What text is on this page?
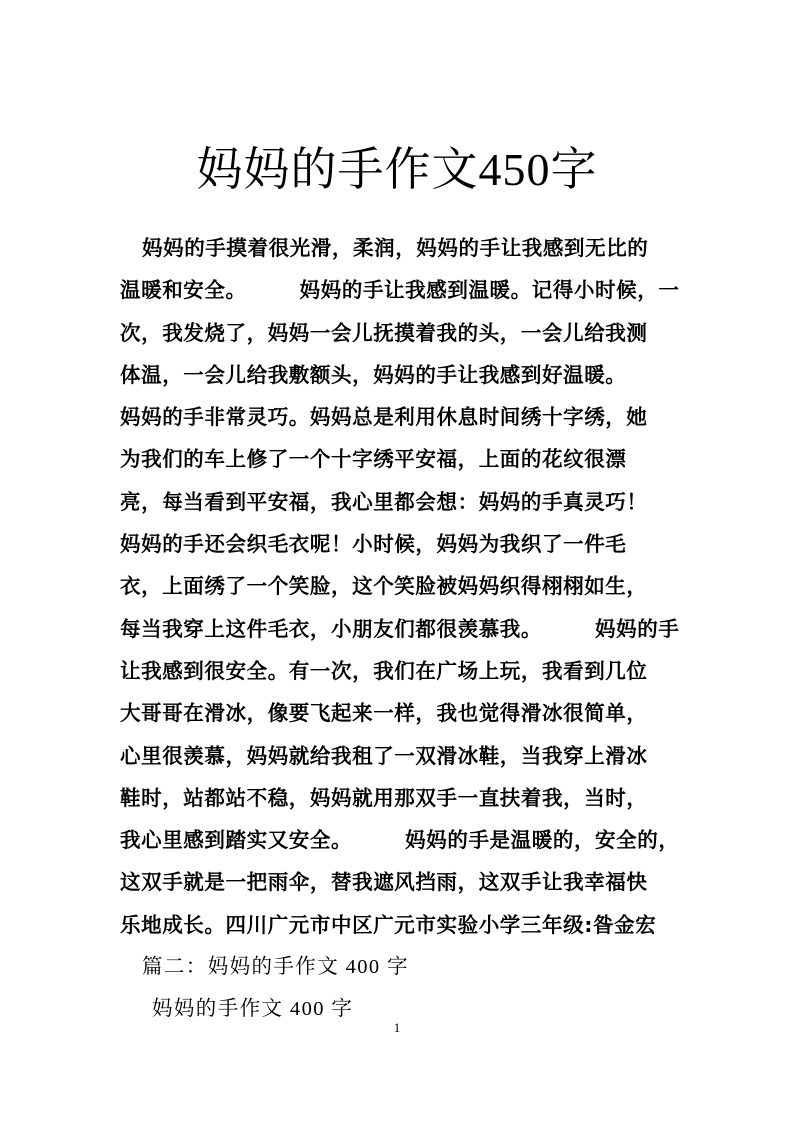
妈妈的手作文450字
妈妈的手摸着很光滑，柔润，妈妈的手让我感到无比的
温暖和安全。　　　妈妈的手让我感到温暖。记得小时候，一
次，我发烧了，妈妈一会儿抚摸着我的头，一会儿给我测
体温，一会儿给我敷额头，妈妈的手让我感到好温暖。
妈妈的手非常灵巧。妈妈总是利用休息时间绣十字绣，她
为我们的车上修了一个十字绣平安福，上面的花纹很漂
亮，每当看到平安福，我心里都会想：妈妈的手真灵巧！
妈妈的手还会织毛衣呢！小时候，妈妈为我织了一件毛
衣，上面绣了一个笑脸，这个笑脸被妈妈织得栩栩如生，
每当我穿上这件毛衣，小朋友们都很羡慕我。　　　妈妈的手
让我感到很安全。有一次，我们在广场上玩，我看到几位
大哥哥在滑冰，像要飞起来一样，我也觉得滑冰很简单，
心里很羡慕，妈妈就给我租了一双滑冰鞋，当我穿上滑冰
鞋时，站都站不稳，妈妈就用那双手一直扶着我，当时，
我心里感到踏实又安全。　　　妈妈的手是温暖的，安全的，
这双手就是一把雨伞，替我遮风挡雨，这双手让我幸福快
乐地成长。四川广元市中区广元市实验小学三年级:昝金宏
篇二：妈妈的手作文 400 字
妈妈的手作文 400 字
1
